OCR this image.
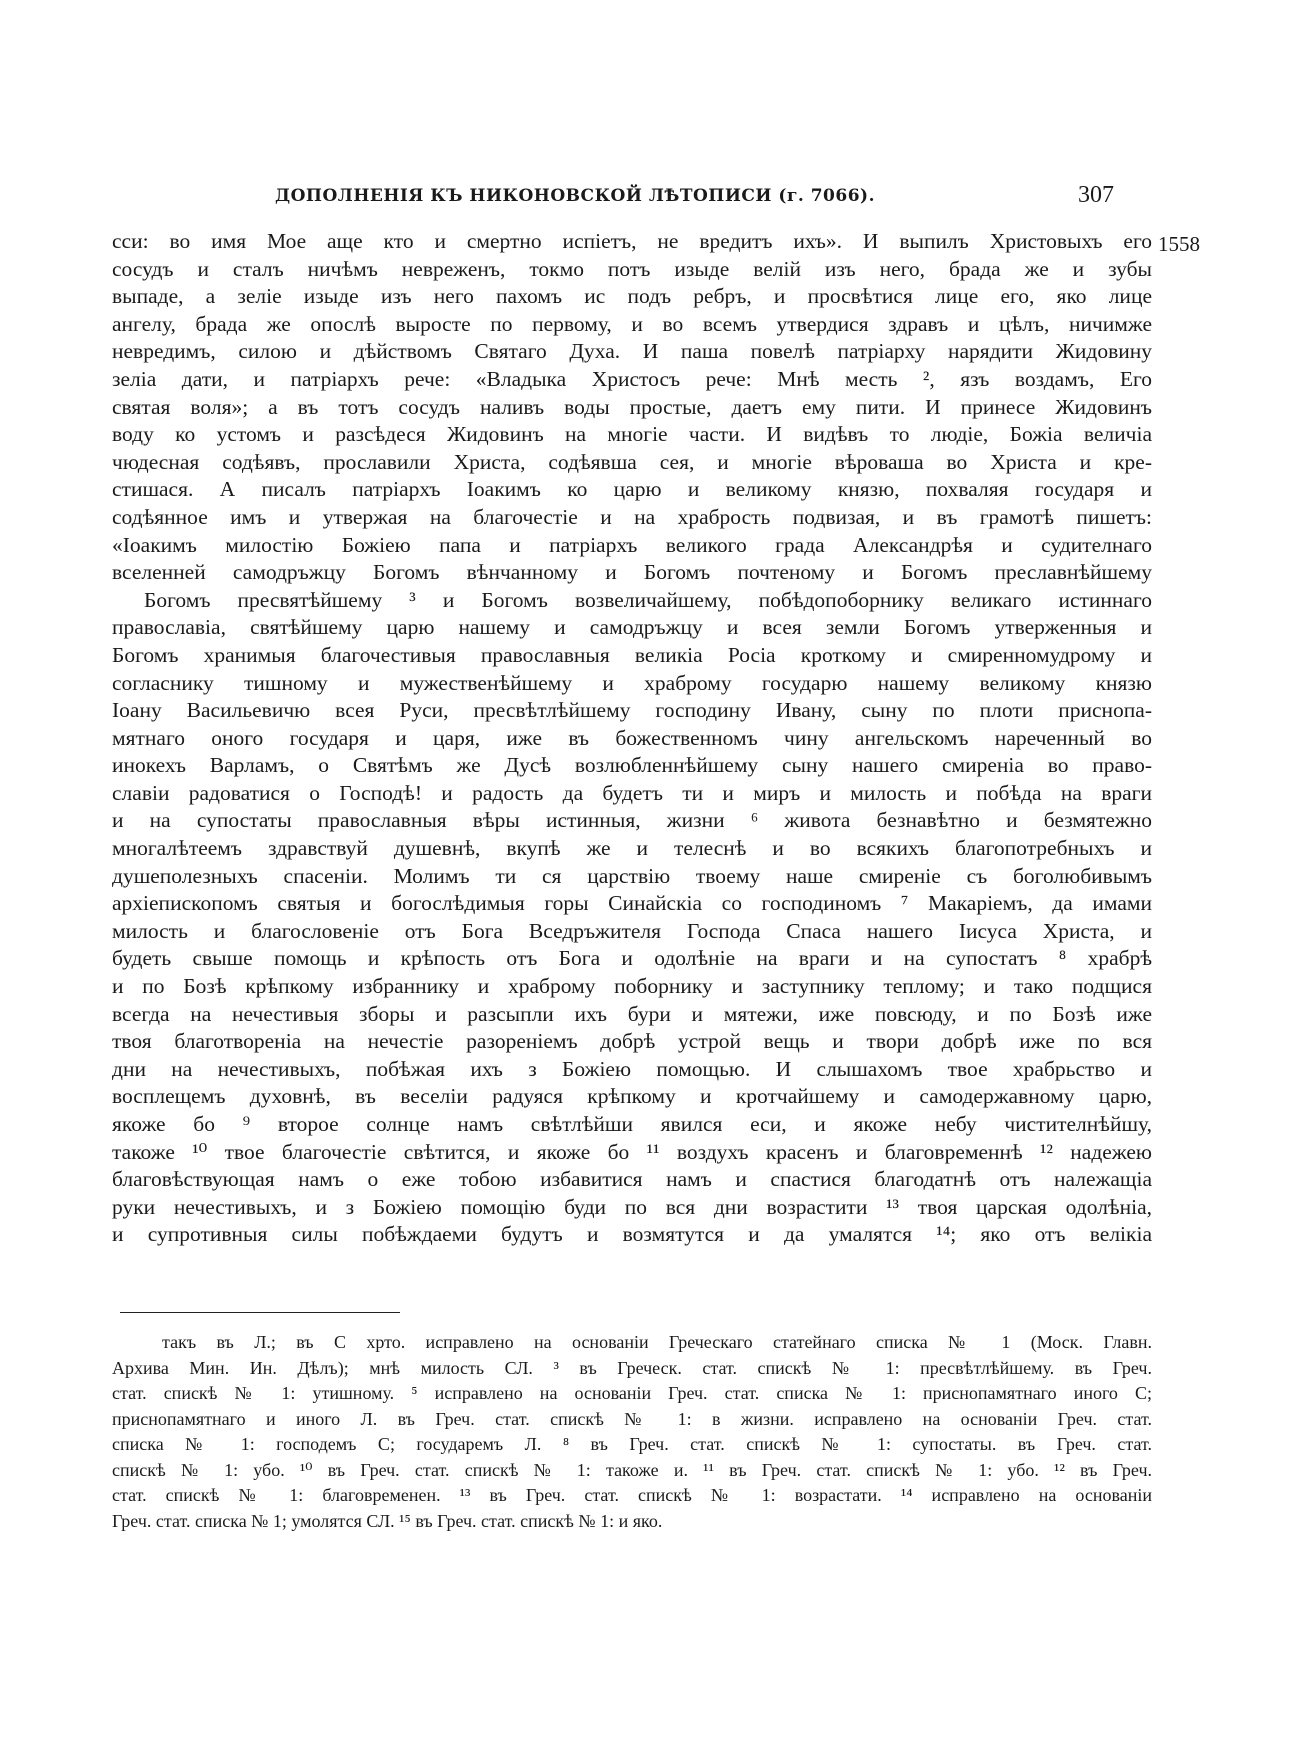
ДОПОЛНЕНІЯ КЪ НИКОНОВСКОЙ ЛѢТОПИСИ (г. 7066).	307
1558
сси: во имя Мое аще кто и смертно испіетъ, не вредитъ ихъ». И выпилъ Христовыхъ его
сосудъ и сталъ ничѣмъ невреженъ, токмо потъ изыде велій изъ него, брада же и зубы
выпаде, а зеліе изыде изъ него пахомъ ис подъ ребръ, и просвѣтися лице его, яко лице
ангелу, брада же опослѣ выросте по первому, и во всемъ утвердися здравъ и цѣлъ, ничимже
невредимъ, силою и дѣйствомъ Святаго Духа. И паша повелѣ патріарху нарядити Жидовину
зеліа дати, и патріархъ рече: «Владыка Христосъ рече: Мнѣ месть ², язъ воздамъ, Его
святая воля»; а въ тотъ сосудъ наливъ воды простые, даетъ ему пити. И принесе Жидовинъ
воду ко устомъ и разсѣдеся Жидовинъ на многіе части. И видѣвъ то людіе, Божіа величіа
чюдесная содѣявъ, прославили Христа, содѣявша сея, и многіе вѣроваша во Христа и кре-
стишася. А писалъ патріархъ Іоакимъ ко царю и великому князю, похваляя государя и
содѣянное имъ и утвержая на благочестіе и на храбрость подвизая, и въ грамотѣ пишетъ:
«Іоакимъ милостію Божіею папа и патріархъ великого града Александрѣя и судителнаго
вселенней самодръжцу Богомъ вѣнчанному и Богомъ почтеному и Богомъ преславнѣйшему
Богомъ пресвятѣйшему ³ и Богомъ возвеличайшему, побѣдопоборнику великаго истиннаго
православіа, святѣйшему царю нашему и самодръжцу и всея земли Богомъ утверженныя и
Богомъ хранимыя благочестивыя православныя великіа Росіа кроткому и смиренномудрому и
согласнику тишному и мужественѣйшему и храброму государю нашему великому князю
Іоану Васильевичю всея Руси, пресвѣтлѣйшему господину Ивану, сыну по плоти приснопа-
мятнаго оного государя и царя, иже въ божественномъ чину ангельскомъ нареченный во
инокехъ Варламъ, о Святѣмъ же Дусѣ возлюбленнѣйшему сыну нашего смиреніа во право-
славіи радоватися о Господѣ! и радость да будетъ ти и миръ и милость и побѣда на враги
и на супостаты православныя вѣры истинныя, жизни ⁶ живота безнавѣтно и безмятежно
многалѣтеемъ здравствуй душевнѣ, вкупѣ же и телеснѣ и во всякихъ благопотребныхъ и
душеполезныхъ спасеніи. Молимъ ти ся царствію твоему наше смиреніе съ боголюбивымъ
архіепископомъ святыя и богослѣдимыя горы Синайскіа со господиномъ ⁷ Макаріемъ, да имами
милость и благословеніе отъ Бога Вседръжителя Господа Спаса нашего Іисуса Христа, и
будеть свыше помощь и крѣпость отъ Бога и одолѣніе на враги и на супостатъ ⁸ храбрѣ
и по Бозѣ крѣпкому избраннику и храброму поборнику и заступнику теплому; и тако подщися
всегда на нечестивыя зборы и разсыпли ихъ бури и мятежи, иже повсюду, и по Бозѣ иже
твоя благотвореніа на нечестіе разореніемъ добрѣ устрой вещь и твори добрѣ иже по вся
дни на нечестивыхъ, побѣжая ихъ з Божіею помощью. И слышахомъ твое храбрьство и
восплещемъ духовнѣ, въ веселіи радуяся крѣпкому и кротчайшему и самодержавному царю,
якоже бо ⁹ второе солнце намъ свѣтлѣйши явился еси, и якоже небу чистителнѣйшу,
такоже ¹⁰ твое благочестіе свѣтится, и якоже бо ¹¹ воздухъ красенъ и благовременнѣ ¹² надежею
благовѣствующая намъ о еже тобою избавитися намъ и спастися благодатнѣ отъ належащіа
руки нечестивыхъ, и з Божіею помощію буди по вся дни возрастити ¹³ твоя царская одолѣніа,
и супротивныя силы побѣждаеми будутъ и возмятутся и да умалятся ¹⁴; яко отъ велікіа
такъ въ Л.; въ С хрто. исправлено на основаніи Греческаго статейнаго списка № 1 (Моск. Главн.
Архива Мин. Ин. Дѣлъ); мнѣ милость СЛ. ³ въ Греческ. стат. спискѣ № 1: пресвѣтлѣйшему. въ Греч.
стат. спискѣ № 1: утишному. ⁵ исправлено на основаніи Греч. стат. списка № 1: приснопамятнаго иного С;
приснопамятнаго и иного Л. въ Греч. стат. спискѣ № 1: в жизни. исправлено на основаніи Греч. стат.
списка № 1: господемъ С; государемъ Л. ⁸ въ Греч. стат. спискѣ № 1: супостаты. въ Греч. стат.
спискѣ № 1: убо. ¹⁰ въ Греч. стат. спискѣ № 1: такоже и. ¹¹ въ Греч. стат. спискѣ № 1: убо. ¹² въ Греч.
стат. спискѣ № 1: благовременен. ¹³ въ Греч. стат. спискѣ № 1: возрастати. ¹⁴ исправлено на основаніи
Греч. стат. списка № 1; умолятся СЛ. ¹⁵ въ Греч. стат. спискѣ № 1: и яко.
